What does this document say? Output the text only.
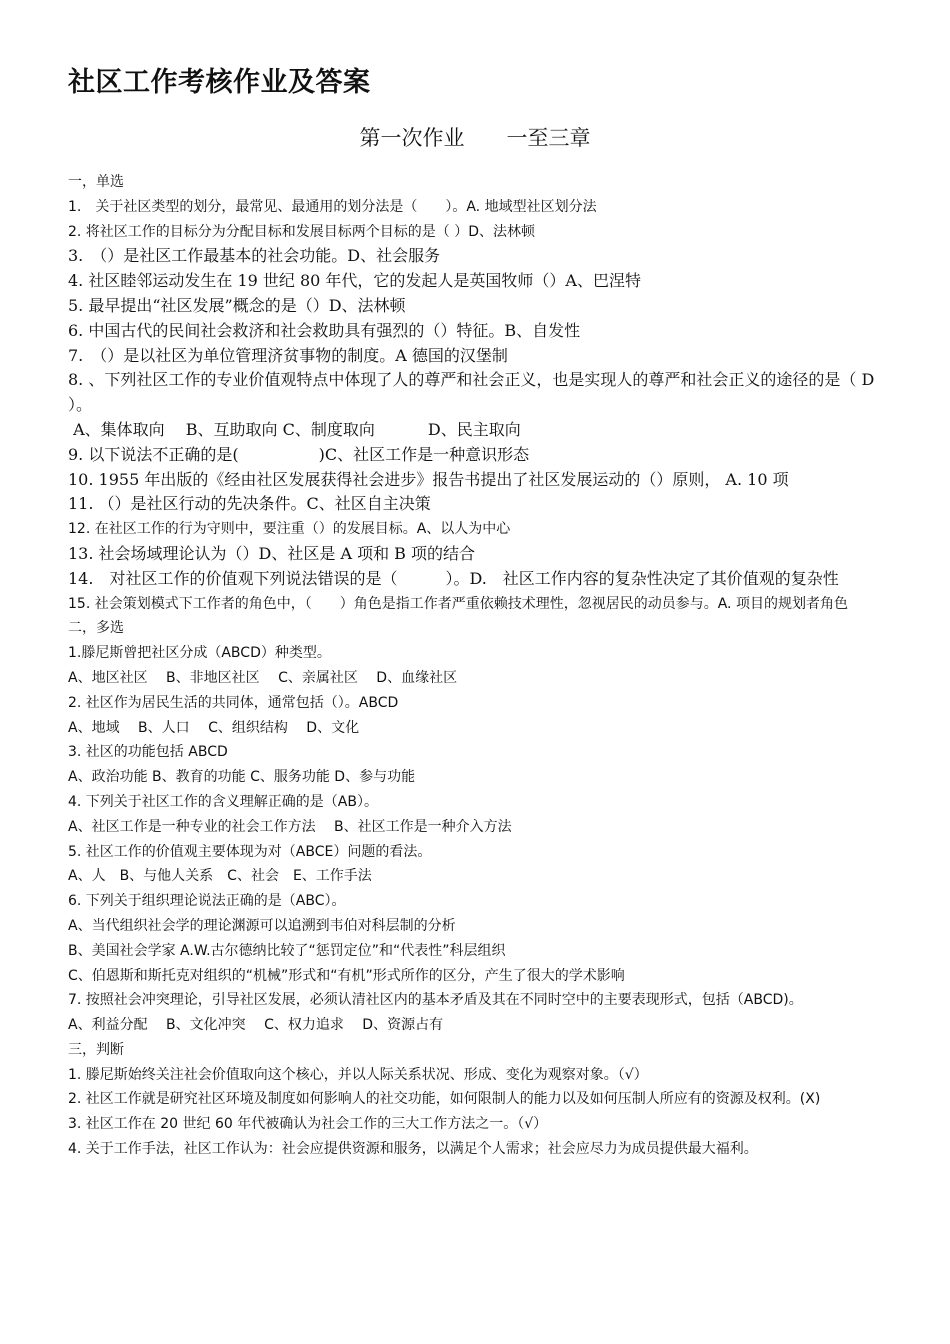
社区工作考核作业及答案
第一次作业　　一至三章
一，单选
1.　关于社区类型的划分，最常见、最通用的划分法是（　　）。A. 地域型社区划分法
2. 将社区工作的目标分为分配目标和发展目标两个目标的是（ ）D、法林顿
3.　（）是社区工作最基本的社会功能。D、社会服务
4. 社区睦邻运动发生在 19 世纪 80 年代，它的发起人是英国牧师（）A、巴涅特
5. 最早提出“社区发展”概念的是（）D、法林顿
6. 中国古代的民间社会救济和社会救助具有强烈的（）特征。B、自发性
7.　（）是以社区为单位管理济贫事物的制度。A 德国的汉堡制
8. 、下列社区工作的专业价值观特点中体现了人的尊严和社会正义，也是实现人的尊严和社会正义的途径的是（ D ）。
A、集体取向　 B、互助取向 C、制度取向　　　 D、民主取向
9. 以下说法不正确的是(　　　　　)C、社区工作是一种意识形态
10. 1955 年出版的《经由社区发展获得社会进步》报告书提出了社区发展运动的（）原则， A. 10 项
11. （）是社区行动的先决条件。C、社区自主决策
12. 在社区工作的行为守则中，要注重（）的发展目标。A、以人为中心
13. 社会场域理论认为（）D、社区是 A 项和 B 项的结合
14.　对社区工作的价值观下列说法错误的是（　　　）。D.　社区工作内容的复杂性决定了其价值观的复杂性
15. 社会策划模式下工作者的角色中，（　　）角色是指工作者严重依赖技术理性，忽视居民的动员参与。A. 项目的规划者角色
二，多选
1.滕尼斯曾把社区分成（ABCD）种类型。
A、地区社区　 B、非地区社区　 C、亲属社区　 D、血缘社区
2. 社区作为居民生活的共同体，通常包括（）。ABCD
A、地域　 B、人口　 C、组织结构　 D、文化
3. 社区的功能包括 ABCD
A、政治功能 B、教育的功能 C、服务功能 D、参与功能
4. 下列关于社区工作的含义理解正确的是（AB）。
A、社区工作是一种专业的社会工作方法　 B、社区工作是一种介入方法
5. 社区工作的价值观主要体现为对（ABCE）问题的看法。
A、人　B、与他人关系　C、社会　E、工作手法
6. 下列关于组织理论说法正确的是（ABC）。
A、当代组织社会学的理论渊源可以追溯到韦伯对科层制的分析
B、美国社会学家 A.W.古尔德纳比较了“惩罚定位”和“代表性”科层组织
C、伯恩斯和斯托克对组织的“机械”形式和“有机”形式所作的区分，产生了很大的学术影响
7. 按照社会冲突理论，引导社区发展，必须认清社区内的基本矛盾及其在不同时空中的主要表现形式，包括（ABCD)。
A、利益分配　 B、文化冲突　 C、权力追求　 D、资源占有
三，判断
1. 滕尼斯始终关注社会价值取向这个核心，并以人际关系状况、形成、变化为观察对象。（√）
2. 社区工作就是研究社区环境及制度如何影响人的社交功能，如何限制人的能力以及如何压制人所应有的资源及权利。(X)
3. 社区工作在 20 世纪 60 年代被确认为社会工作的三大工作方法之一。（√）
4. 关于工作手法，社区工作认为：社会应提供资源和服务，以满足个人需求；社会应尽力为成员提供最大福利。
